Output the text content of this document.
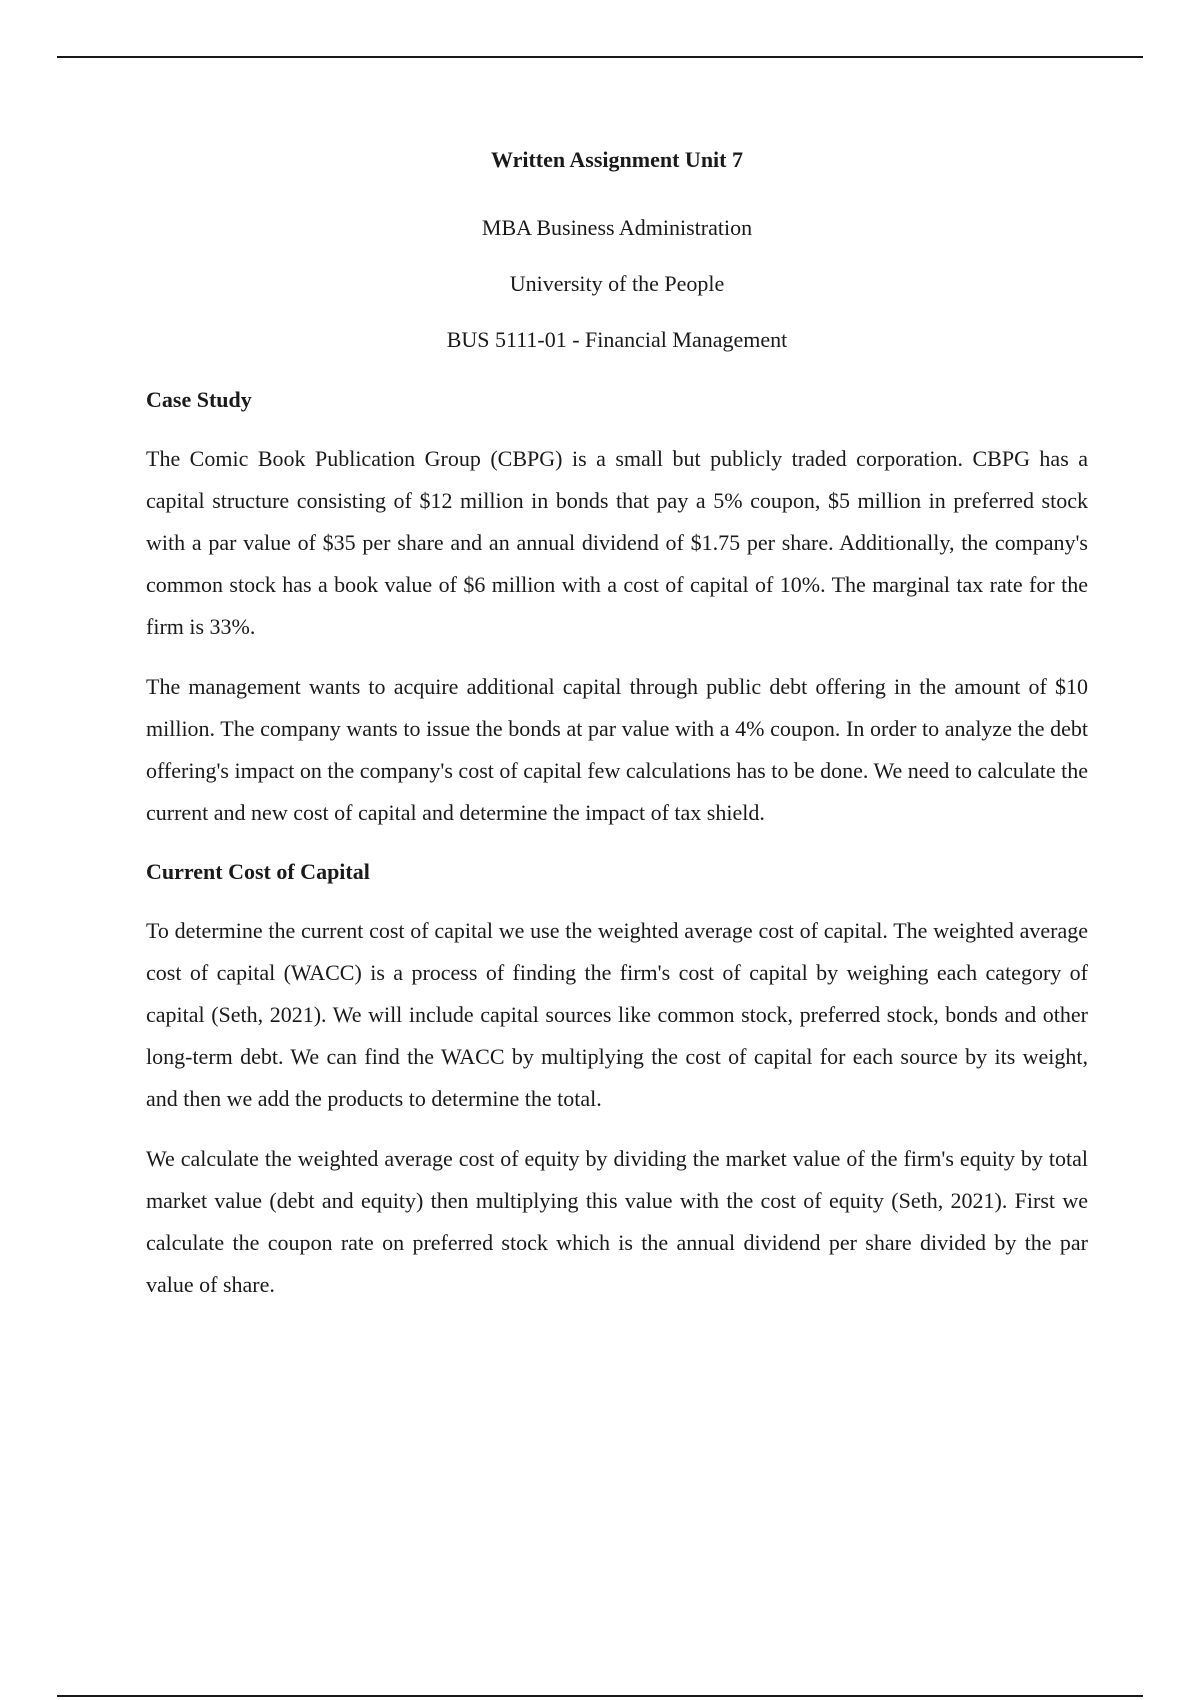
Written Assignment Unit 7
MBA Business Administration
University of the People
BUS 5111-01 - Financial Management
Case Study

The Comic Book Publication Group (CBPG) is a small but publicly traded corporation. CBPG has a capital structure consisting of $12 million in bonds that pay a 5% coupon, $5 million in preferred stock with a par value of $35 per share and an annual dividend of $1.75 per share. Additionally, the company's common stock has a book value of $6 million with a cost of capital of 10%. The marginal tax rate for the firm is 33%.

The management wants to acquire additional capital through public debt offering in the amount of $10 million. The company wants to issue the bonds at par value with a 4% coupon. In order to analyze the debt offering's impact on the company's cost of capital few calculations has to be done. We need to calculate the current and new cost of capital and determine the impact of tax shield.

Current Cost of Capital

To determine the current cost of capital we use the weighted average cost of capital. The weighted average cost of capital (WACC) is a process of finding the firm's cost of capital by weighing each category of capital (Seth, 2021). We will include capital sources like common stock, preferred stock, bonds and other long-term debt. We can find the WACC by multiplying the cost of capital for each source by its weight, and then we add the products to determine the total.

We calculate the weighted average cost of equity by dividing the market value of the firm's equity by total market value (debt and equity) then multiplying this value with the cost of equity (Seth, 2021). First we calculate the coupon rate on preferred stock which is the annual dividend per share divided by the par value of share.
